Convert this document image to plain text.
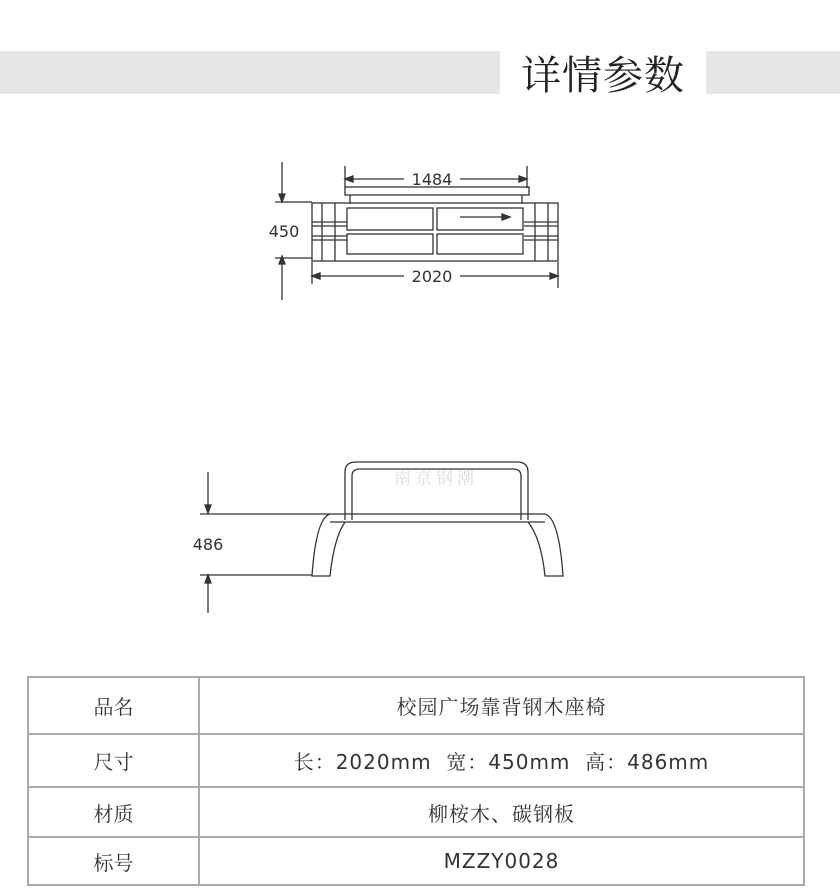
详情参数
1484
450
2020
486
南京钢潮
品名	校园广场靠背钢木座椅
尺寸	长：2020mm  宽：450mm  高：486mm
材质	柳桉木、碳钢板
标号	MZZY0028
